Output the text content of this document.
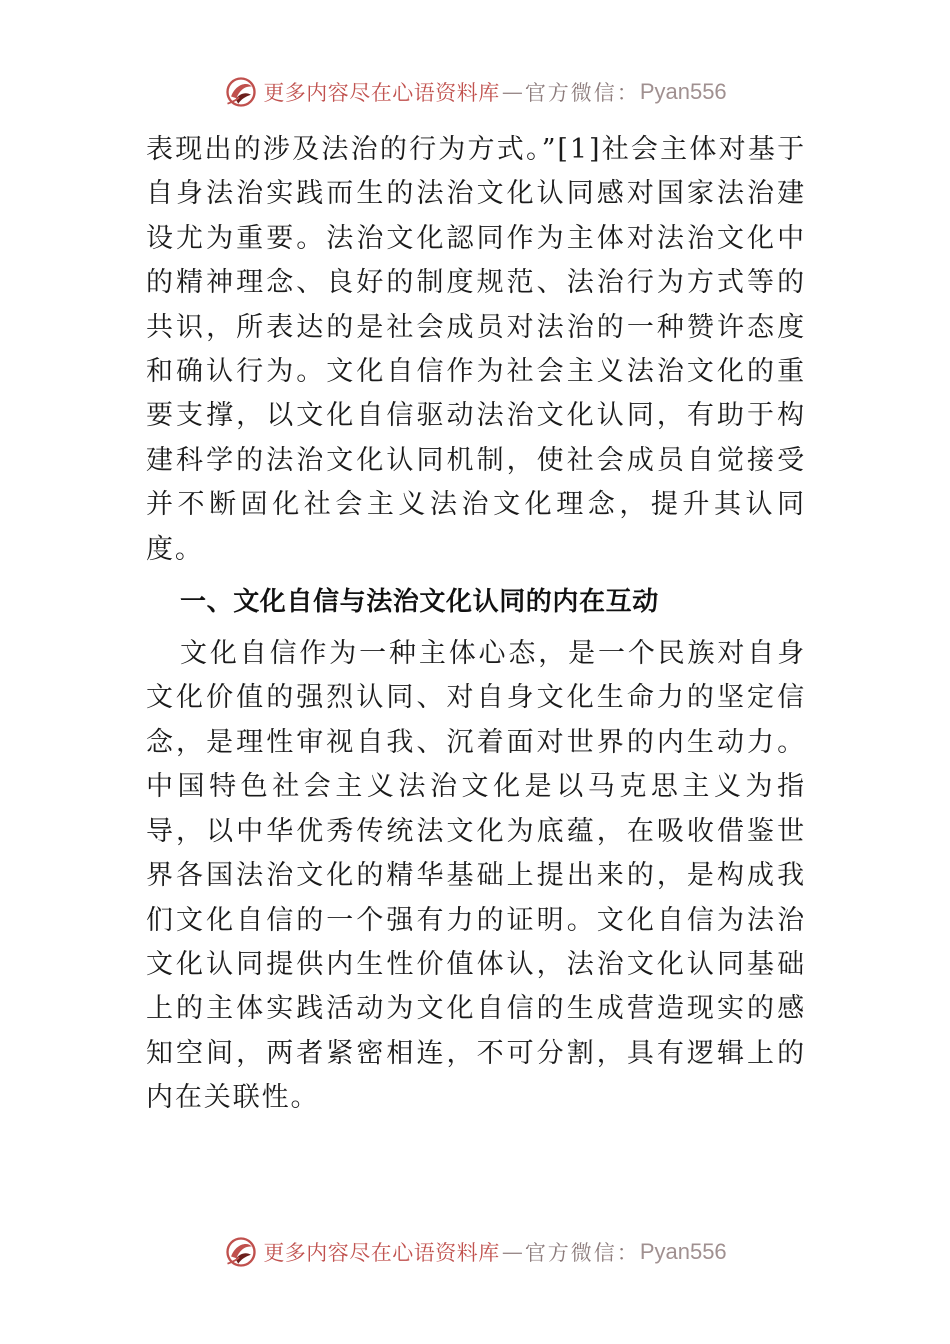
更多内容尽在心语资料库 — 官方微信： Pyan556

表现出的涉及法治的行为方式。”[1]社会主体对基于自身法治实践而生的法治文化认同感对国家法治建设尤为重要。法治文化認同作为主体对法治文化中的精神理念、良好的制度规范、法治行为方式等的共识，所表达的是社会成员对法治的一种赞许态度和确认行为。文化自信作为社会主义法治文化的重要支撑，以文化自信驱动法治文化认同，有助于构建科学的法治文化认同机制，使社会成员自觉接受并不断固化社会主义法治文化理念，提升其认同度。

一、文化自信与法治文化认同的内在互动

文化自信作为一种主体心态，是一个民族对自身文化价值的强烈认同、对自身文化生命力的坚定信念，是理性审视自我、沉着面对世界的内生动力。中国特色社会主义法治文化是以马克思主义为指导，以中华优秀传统法文化为底蕴，在吸收借鉴世界各国法治文化的精华基础上提出来的，是构成我们文化自信的一个强有力的证明。文化自信为法治文化认同提供内生性价值体认，法治文化认同基础上的主体实践活动为文化自信的生成营造现实的感知空间，两者紧密相连，不可分割，具有逻辑上的内在关联性。

更多内容尽在心语资料库 — 官方微信： Pyan556
